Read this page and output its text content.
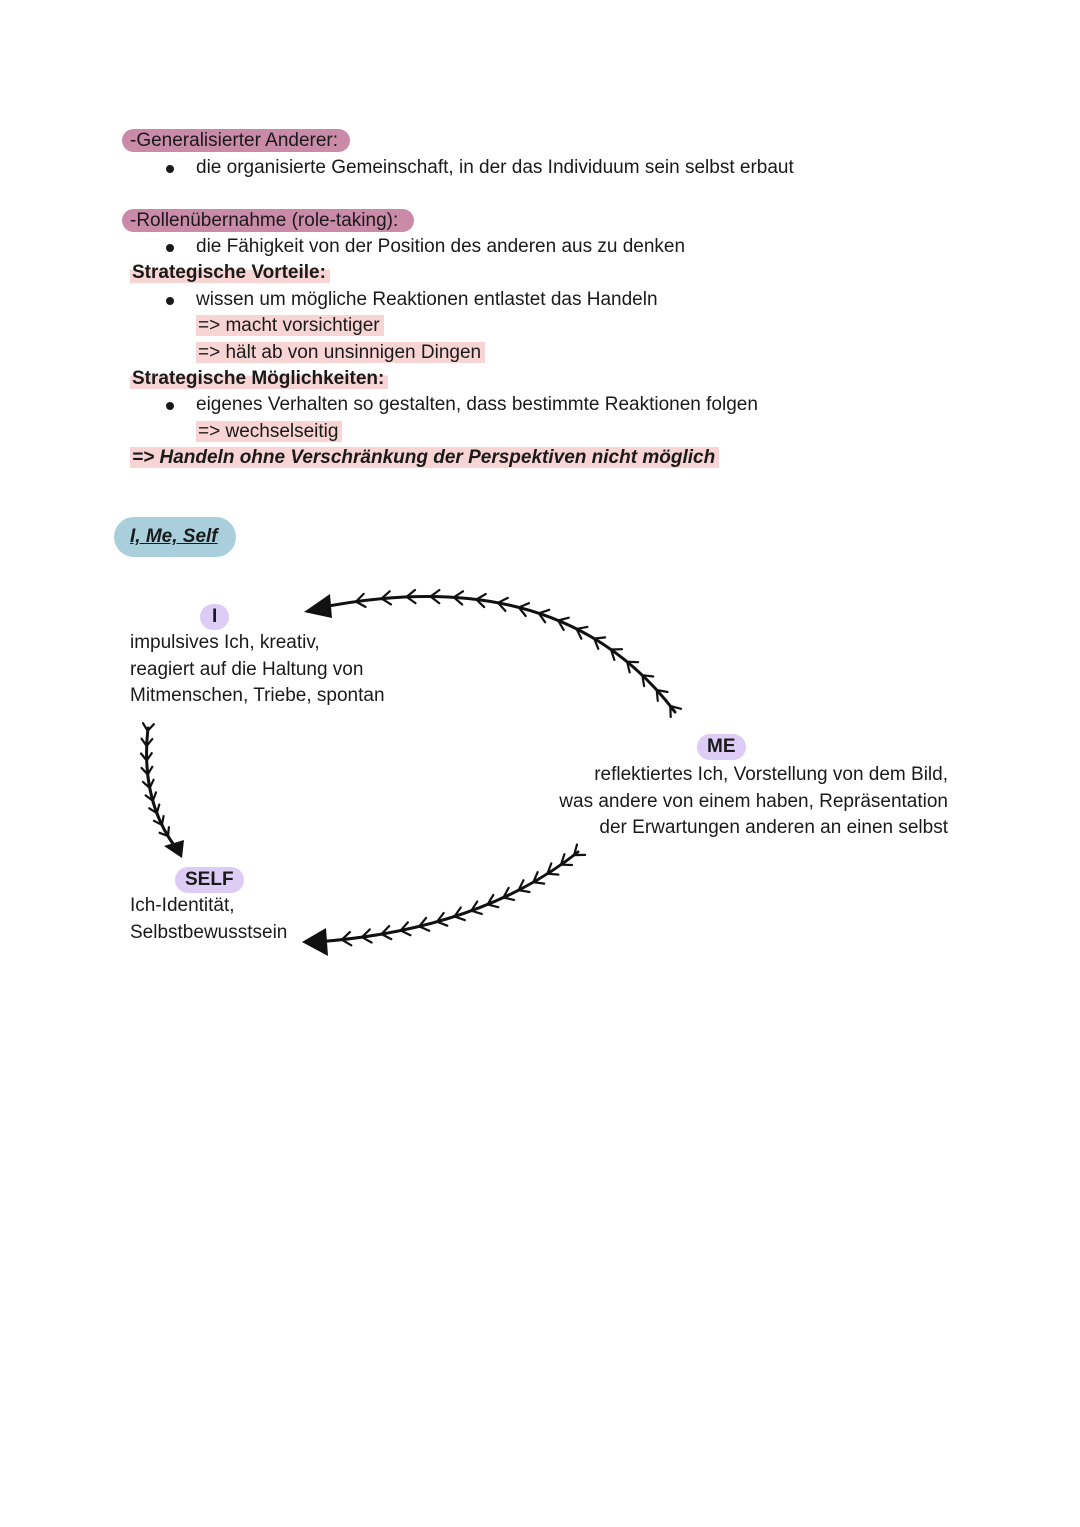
-Generalisierter Anderer:
die organisierte Gemeinschaft, in der das Individuum sein selbst erbaut
-Rollenübernahme (role-taking):
die Fähigkeit von der Position des anderen aus zu denken
Strategische Vorteile:
wissen um mögliche Reaktionen entlastet das Handeln
=> macht vorsichtiger
=> hält ab von unsinnigen Dingen
Strategische Möglichkeiten:
eigenes Verhalten so gestalten, dass bestimmte Reaktionen folgen
=> wechselseitig
=> Handeln ohne Verschränkung der Perspektiven nicht möglich
I, Me, Self
I
impulsives Ich, kreativ,
reagiert auf die Haltung von
Mitmenschen, Triebe, spontan
ME
reflektiertes Ich, Vorstellung von dem Bild,
was andere von einem haben, Repräsentation
der Erwartungen anderen an einen selbst
SELF
Ich-Identität,
Selbstbewusstsein
